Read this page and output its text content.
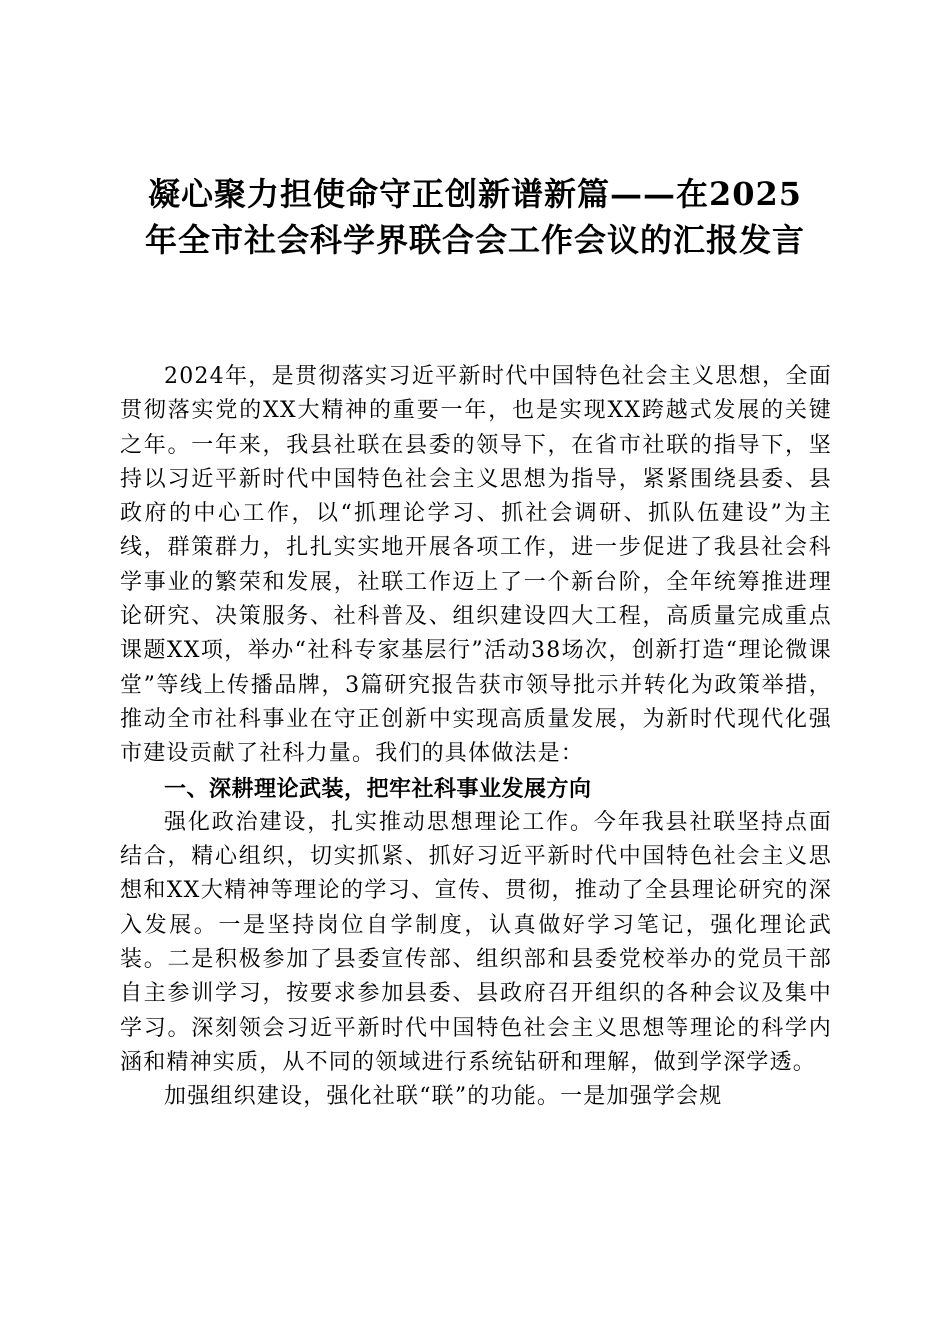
凝心聚力担使命守正创新谱新篇——在2025
年全市社会科学界联合会工作会议的汇报发言

2024年，是贯彻落实习近平新时代中国特色社会主义思想，全面贯彻落实党的XX大精神的重要一年，也是实现XX跨越式发展的关键之年。一年来，我县社联在县委的领导下，在省市社联的指导下，坚持以习近平新时代中国特色社会主义思想为指导，紧紧围绕县委、县政府的中心工作，以“抓理论学习、抓社会调研、抓队伍建设”为主线，群策群力，扎扎实实地开展各项工作，进一步促进了我县社会科学事业的繁荣和发展，社联工作迈上了一个新台阶，全年统筹推进理论研究、决策服务、社科普及、组织建设四大工程，高质量完成重点课题XX项，举办“社科专家基层行”活动38场次，创新打造“理论微课堂”等线上传播品牌，3篇研究报告获市领导批示并转化为政策举措，推动全市社科事业在守正创新中实现高质量发展，为新时代现代化强市建设贡献了社科力量。我们的具体做法是：

一、深耕理论武装，把牢社科事业发展方向

强化政治建设，扎实推动思想理论工作。今年我县社联坚持点面结合，精心组织，切实抓紧、抓好习近平新时代中国特色社会主义思想和XX大精神等理论的学习、宣传、贯彻，推动了全县理论研究的深入发展。一是坚持岗位自学制度，认真做好学习笔记，强化理论武装。二是积极参加了县委宣传部、组织部和县委党校举办的党员干部自主参训学习，按要求参加县委、县政府召开组织的各种会议及集中学习。深刻领会习近平新时代中国特色社会主义思想等理论的科学内涵和精神实质，从不同的领域进行系统钻研和理解，做到学深学透。

加强组织建设，强化社联“联”的功能。一是加强学会规
